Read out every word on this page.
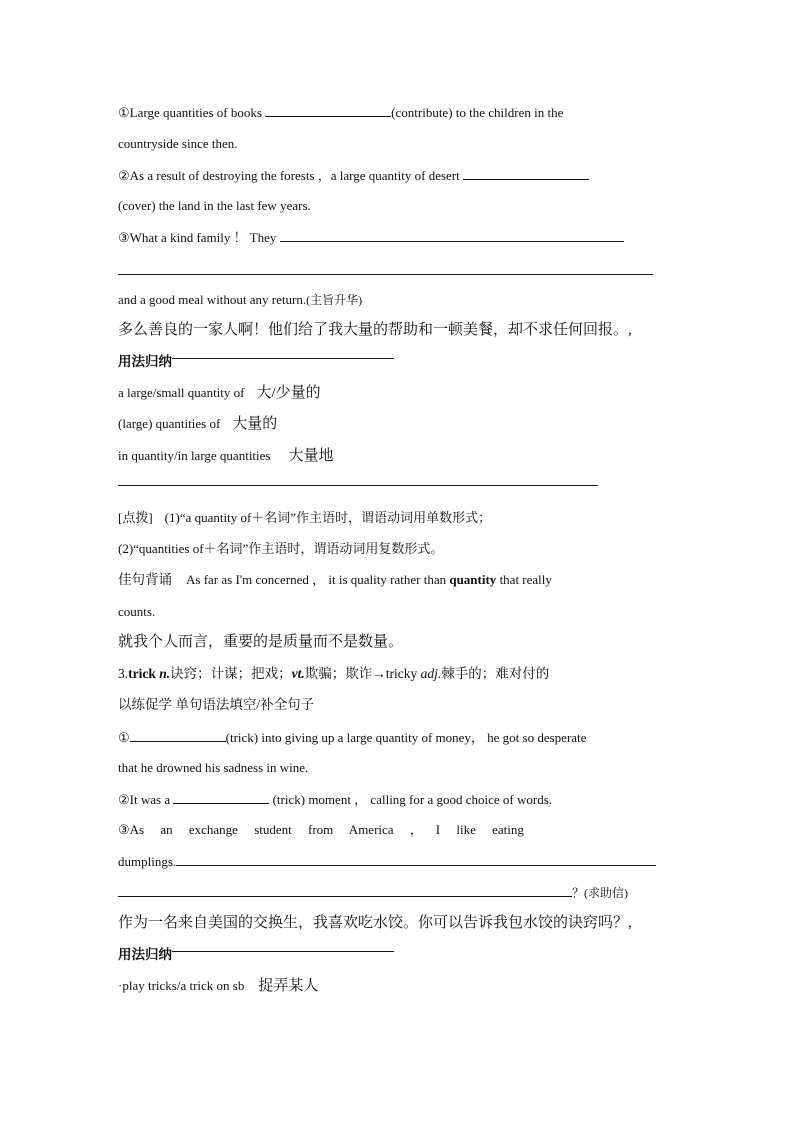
①Large quantities of books	(contribute) to the children in the
countryside since then.
②As a result of destroying the forests ，a large quantity of desert
(cover) the land in the last few years.
③What a kind family ！ They
and a good meal without any return.(主旨升华)
多么善良的一家人啊！他们给了我大量的帮助和一顿美餐，却不求任何回报。,
用法归纳
a large/small quantity of 大/少量的
(large) quantities of 大量的
in quantity/in large quantities 大量地
[点拨] (1)“a quantity of＋名词”作主语时，谓语动词用单数形式；
(2)“quantities of＋名词”作主语时，谓语动词用复数形式。
佳句背诵 As far as I'm concerned ， it is quality rather than quantity that really
counts.
就我个人而言，重要的是质量而不是数量。
3.trick n.诀窍；计谋；把戏；vt.欺骗；欺诈→tricky adj.棘手的；难对付的
以练促学 单句语法填空/补全句子
①	(trick) into giving up a large quantity of money， he got so desperate
that he drowned his sadness in wine.
②It was a	(trick) moment ， calling for a good choice of words.
③As     an     exchange     student     from     America     ，    I     like     eating
dumplings.
？(求助信)
作为一名来自美国的交换生，我喜欢吃水饺。你可以告诉我包水饺的诀窍吗？,
用法归纳
·play tricks/a trick on sb 捉弄某人
